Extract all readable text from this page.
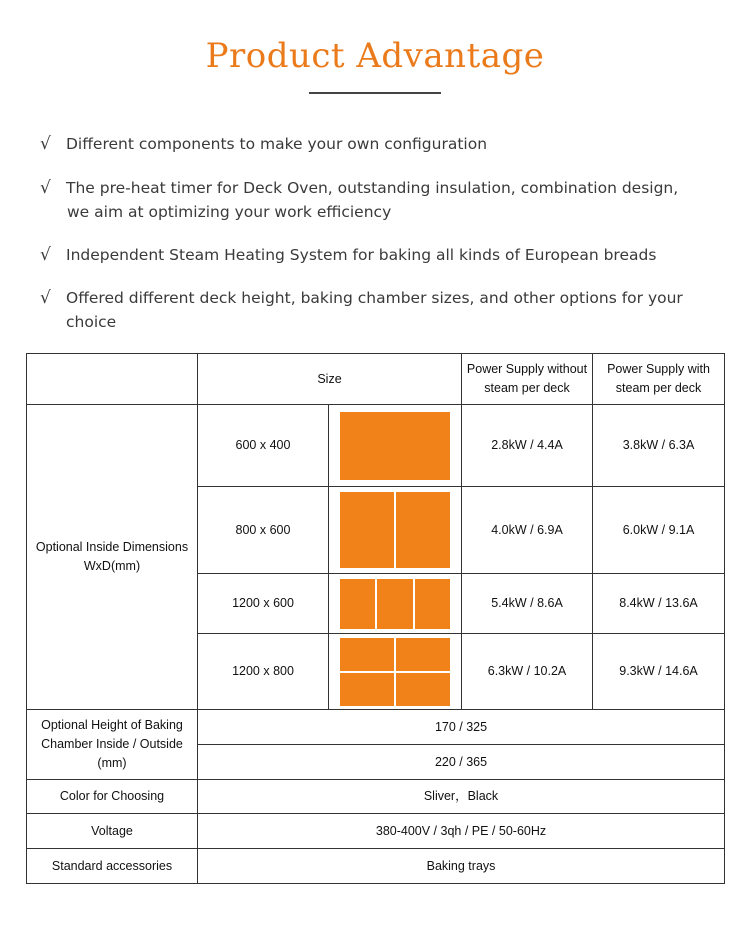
Product Advantage
√ Different components to make your own configuration
√ The pre-heat timer for Deck Oven, outstanding insulation, combination design,
we aim at optimizing your work efficiency
√ Independent Steam Heating System for baking all kinds of European breads
√ Offered different deck height, baking chamber sizes, and other options for your choice
	Size		Power Supply without steam per deck	Power Supply with steam per deck
Optional Inside Dimensions WxD(mm)	600 x 400		2.8kW / 4.4A	3.8kW / 6.3A
	800 x 600		4.0kW / 6.9A	6.0kW / 9.1A
	1200 x 600		5.4kW / 8.6A	8.4kW / 13.6A
	1200 x 800		6.3kW / 10.2A	9.3kW / 14.6A
Optional Height of Baking Chamber Inside / Outside (mm)	170 / 325			
	220 / 365			
Color for Choosing	Sliver，Black			
Voltage	380-400V / 3qh / PE / 50-60Hz			
Standard accessories	Baking trays			
